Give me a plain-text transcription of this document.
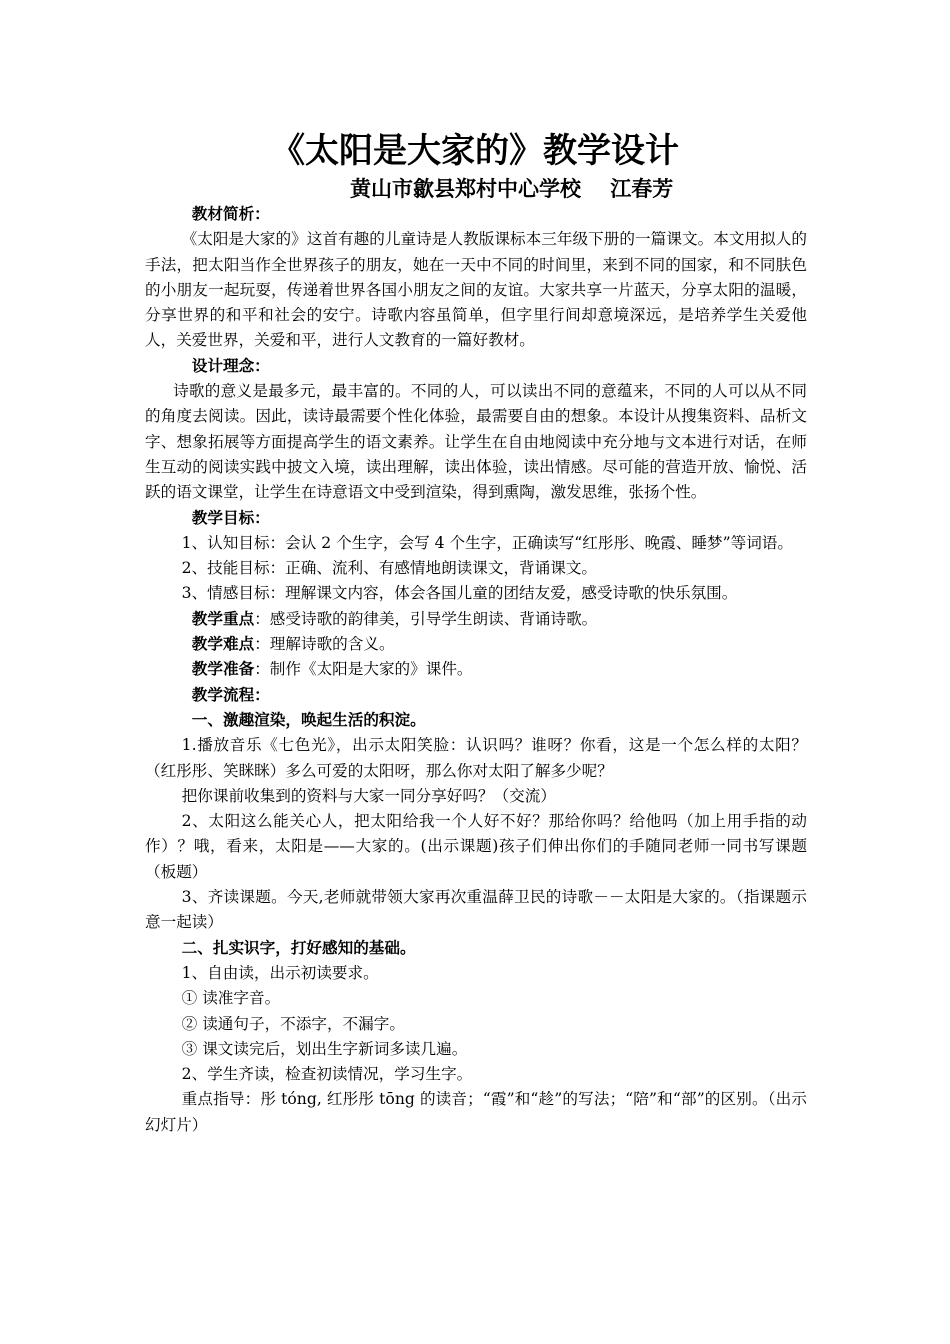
《太阳是大家的》教学设计
黄山市歙县郑村中心学校    江春芳

教材简析：

《太阳是大家的》这首有趣的儿童诗是人教版课标本三年级下册的一篇课文。本文用拟人的手法，把太阳当作全世界孩子的朋友，她在一天中不同的时间里，来到不同的国家，和不同肤色的小朋友一起玩耍，传递着世界各国小朋友之间的友谊。大家共享一片蓝天，分享太阳的温暖，分享世界的和平和社会的安宁。诗歌内容虽简单，但字里行间却意境深远，是培养学生关爱他人，关爱世界，关爱和平，进行人文教育的一篇好教材。

设计理念：

诗歌的意义是最多元，最丰富的。不同的人，可以读出不同的意蕴来，不同的人可以从不同的角度去阅读。因此，读诗最需要个性化体验，最需要自由的想象。本设计从搜集资料、品析文字、想象拓展等方面提高学生的语文素养。让学生在自由地阅读中充分地与文本进行对话，在师生互动的阅读实践中披文入境，读出理解，读出体验，读出情感。尽可能的营造开放、愉悦、活跃的语文课堂，让学生在诗意语文中受到渲染，得到熏陶，激发思维，张扬个性。

教学目标：

1、认知目标：会认 2 个生字，会写 4 个生字，正确读写“红彤彤、晚霞、睡梦”等词语。

2、技能目标：正确、流利、有感情地朗读课文，背诵课文。

3、情感目标：理解课文内容，体会各国儿童的团结友爱，感受诗歌的快乐氛围。

教学重点：感受诗歌的韵律美，引导学生朗读、背诵诗歌。

教学难点：理解诗歌的含义。

教学准备：制作《太阳是大家的》课件。

教学流程：

一、激趣渲染，唤起生活的积淀。

1.播放音乐《七色光》，出示太阳笑脸：认识吗？谁呀？你看，这是一个怎么样的太阳？（红彤彤、笑眯眯）多么可爱的太阳呀，那么你对太阳了解多少呢？

把你课前收集到的资料与大家一同分享好吗？（交流）

2、太阳这么能关心人，把太阳给我一个人好不好？那给你吗？给他吗（加上用手指的动作）？哦，看来，太阳是——大家的。(出示课题)孩子们伸出你们的手随同老师一同书写课题（板题）

3、齐读课题。今天,老师就带领大家再次重温薛卫民的诗歌－－太阳是大家的。（指课题示意一起读）

二、扎实识字，打好感知的基础。

1、自由读，出示初读要求。

① 读准字音。

② 读通句子，不添字，不漏字。

③ 课文读完后，划出生字新词多读几遍。

2、学生齐读，检查初读情况，学习生字。

重点指导：彤 tóng, 红彤彤 tōng 的读音；“霞”和“趁”的写法；“陪”和“部”的区别。（出示幻灯片）
